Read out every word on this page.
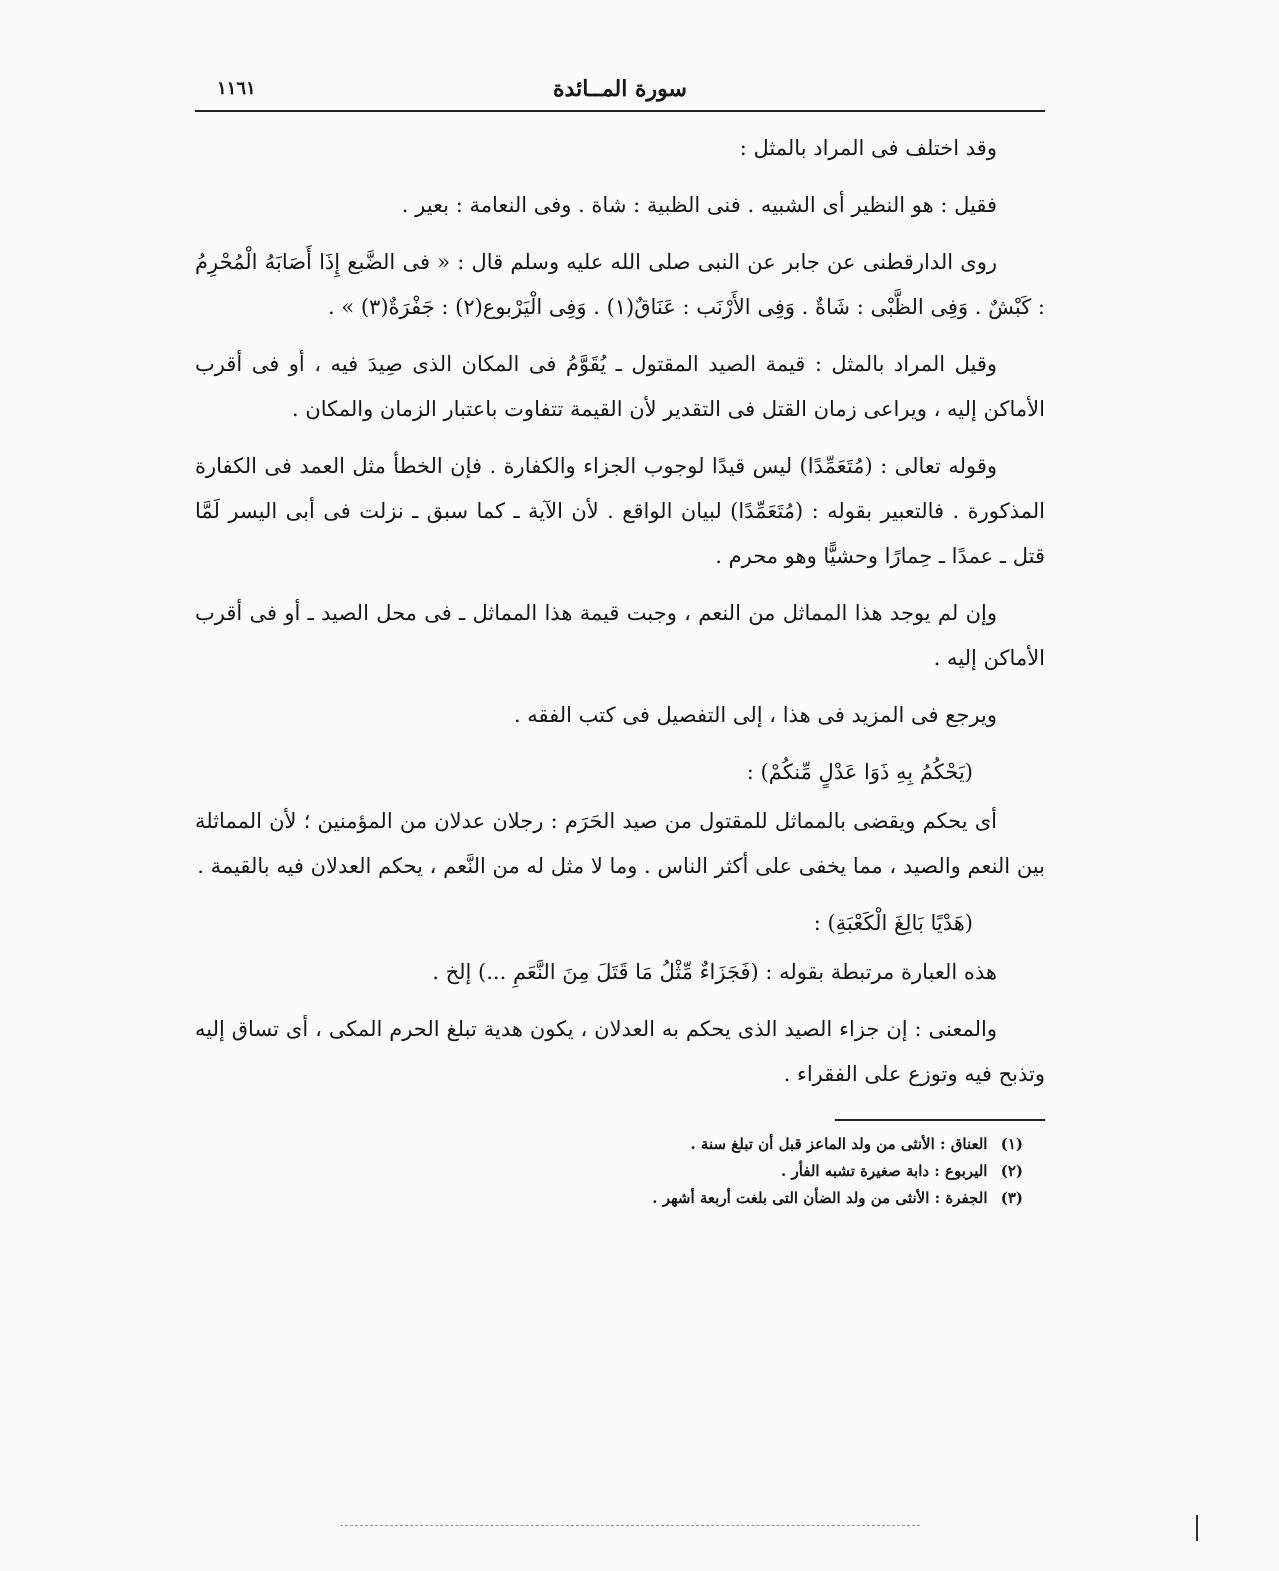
سورة المــائدة
١١٦١

وقد اختلف فى المراد بالمثل :

فقيل : هو النظير أى الشبيه . فنى الظبية : شاة . وفى النعامة : بعير .

روى الدارقطنى عن جابر عن النبى صلى الله عليه وسلم قال : « فى الضَّبع إِذَا أَصَابَهُ الْمُحْرِمُ : كَبْشٌ . وَفِى الظَّبْى : شَاةٌ . وَفِى الأَرْنَب : عَنَاقٌ(١) . وَفِى الْيَرْبوع(٢) : جَفْرَةٌ(٣) » .

وقيل المراد بالمثل : قيمة الصيد المقتول ـ يُقَوَّمُ فى المكان الذى صِيدَ فيه ، أو فى أقرب الأماكن إليه ، ويراعى زمان القتل فى التقدير لأن القيمة تتفاوت باعتبار الزمان والمكان .

وقوله تعالى : (مُتَعَمِّدًا) ليس قيدًا لوجوب الجزاء والكفارة . فإن الخطأ مثل العمد فى الكفارة المذكورة . فالتعبير بقوله : (مُتَعَمِّدًا) لبيان الواقع . لأن الآية ـ كما سبق ـ نزلت فى أبى اليسر لَمَّا قتل ـ عمدًا ـ حِمارًا وحشيًّا وهو محرم .

وإن لم يوجد هذا المماثل من النعم ، وجبت قيمة هذا المماثل ـ فى محل الصيد ـ أو فى أقرب الأماكن إليه .

ويرجع فى المزيد فى هذا ، إلى التفصيل فى كتب الفقه .

(يَحْكُمُ بِهِ ذَوَا عَدْلٍ مِّنكُمْ) :

أى يحكم ويقضى بالمماثل للمقتول من صيد الحَرَم : رجلان عدلان من المؤمنين ؛ لأن المماثلة بين النعم والصيد ، مما يخفى على أكثر الناس . وما لا مثل له من النَّعم ، يحكم العدلان فيه بالقيمة .

(هَدْيًا بَالِغَ الْكَعْبَةِ) :

هذه العبارة مرتبطة بقوله : (فَجَزَاءٌ مِّثْلُ مَا قَتَلَ مِنَ النَّعَمِ ...) إلخ .

والمعنى : إن جزاء الصيد الذى يحكم به العدلان ، يكون هدية تبلغ الحرم المكى ، أى تساق إليه وتذبح فيه وتوزع على الفقراء .

(١) العناق : الأنثى من ولد الماعز قبل أن تبلغ سنة .
(٢) اليربوع : دابة صغيرة تشبه الفأر .
(٣) الجفرة : الأنثى من ولد الضأن التى بلغت أربعة أشهر .
